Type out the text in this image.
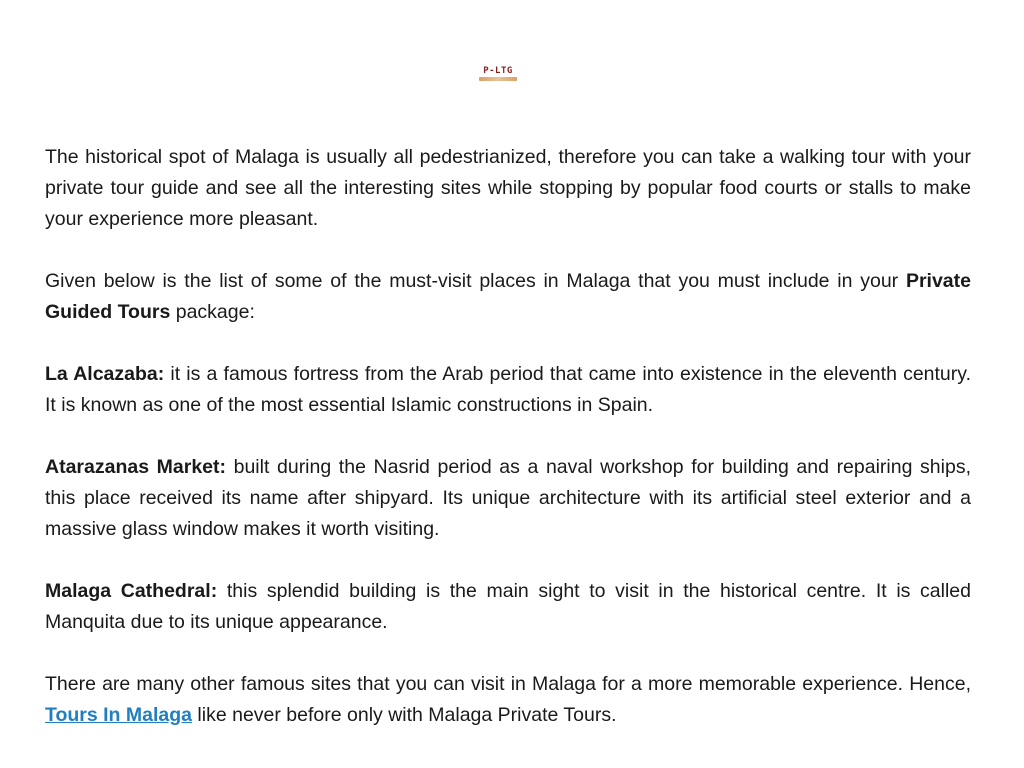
P-LTG

The historical spot of Malaga is usually all pedestrianized, therefore you can take a walking tour with your private tour guide and see all the interesting sites while stopping by popular food courts or stalls to make your experience more pleasant.

Given below is the list of some of the must-visit places in Malaga that you must include in your Private Guided Tours package:

La Alcazaba: it is a famous fortress from the Arab period that came into existence in the eleventh century. It is known as one of the most essential Islamic constructions in Spain.

Atarazanas Market: built during the Nasrid period as a naval workshop for building and repairing ships, this place received its name after shipyard. Its unique architecture with its artificial steel exterior and a massive glass window makes it worth visiting.

Malaga Cathedral: this splendid building is the main sight to visit in the historical centre. It is called Manquita due to its unique appearance.

There are many other famous sites that you can visit in Malaga for a more memorable experience. Hence, Tours In Malaga like never before only with Malaga Private Tours.
